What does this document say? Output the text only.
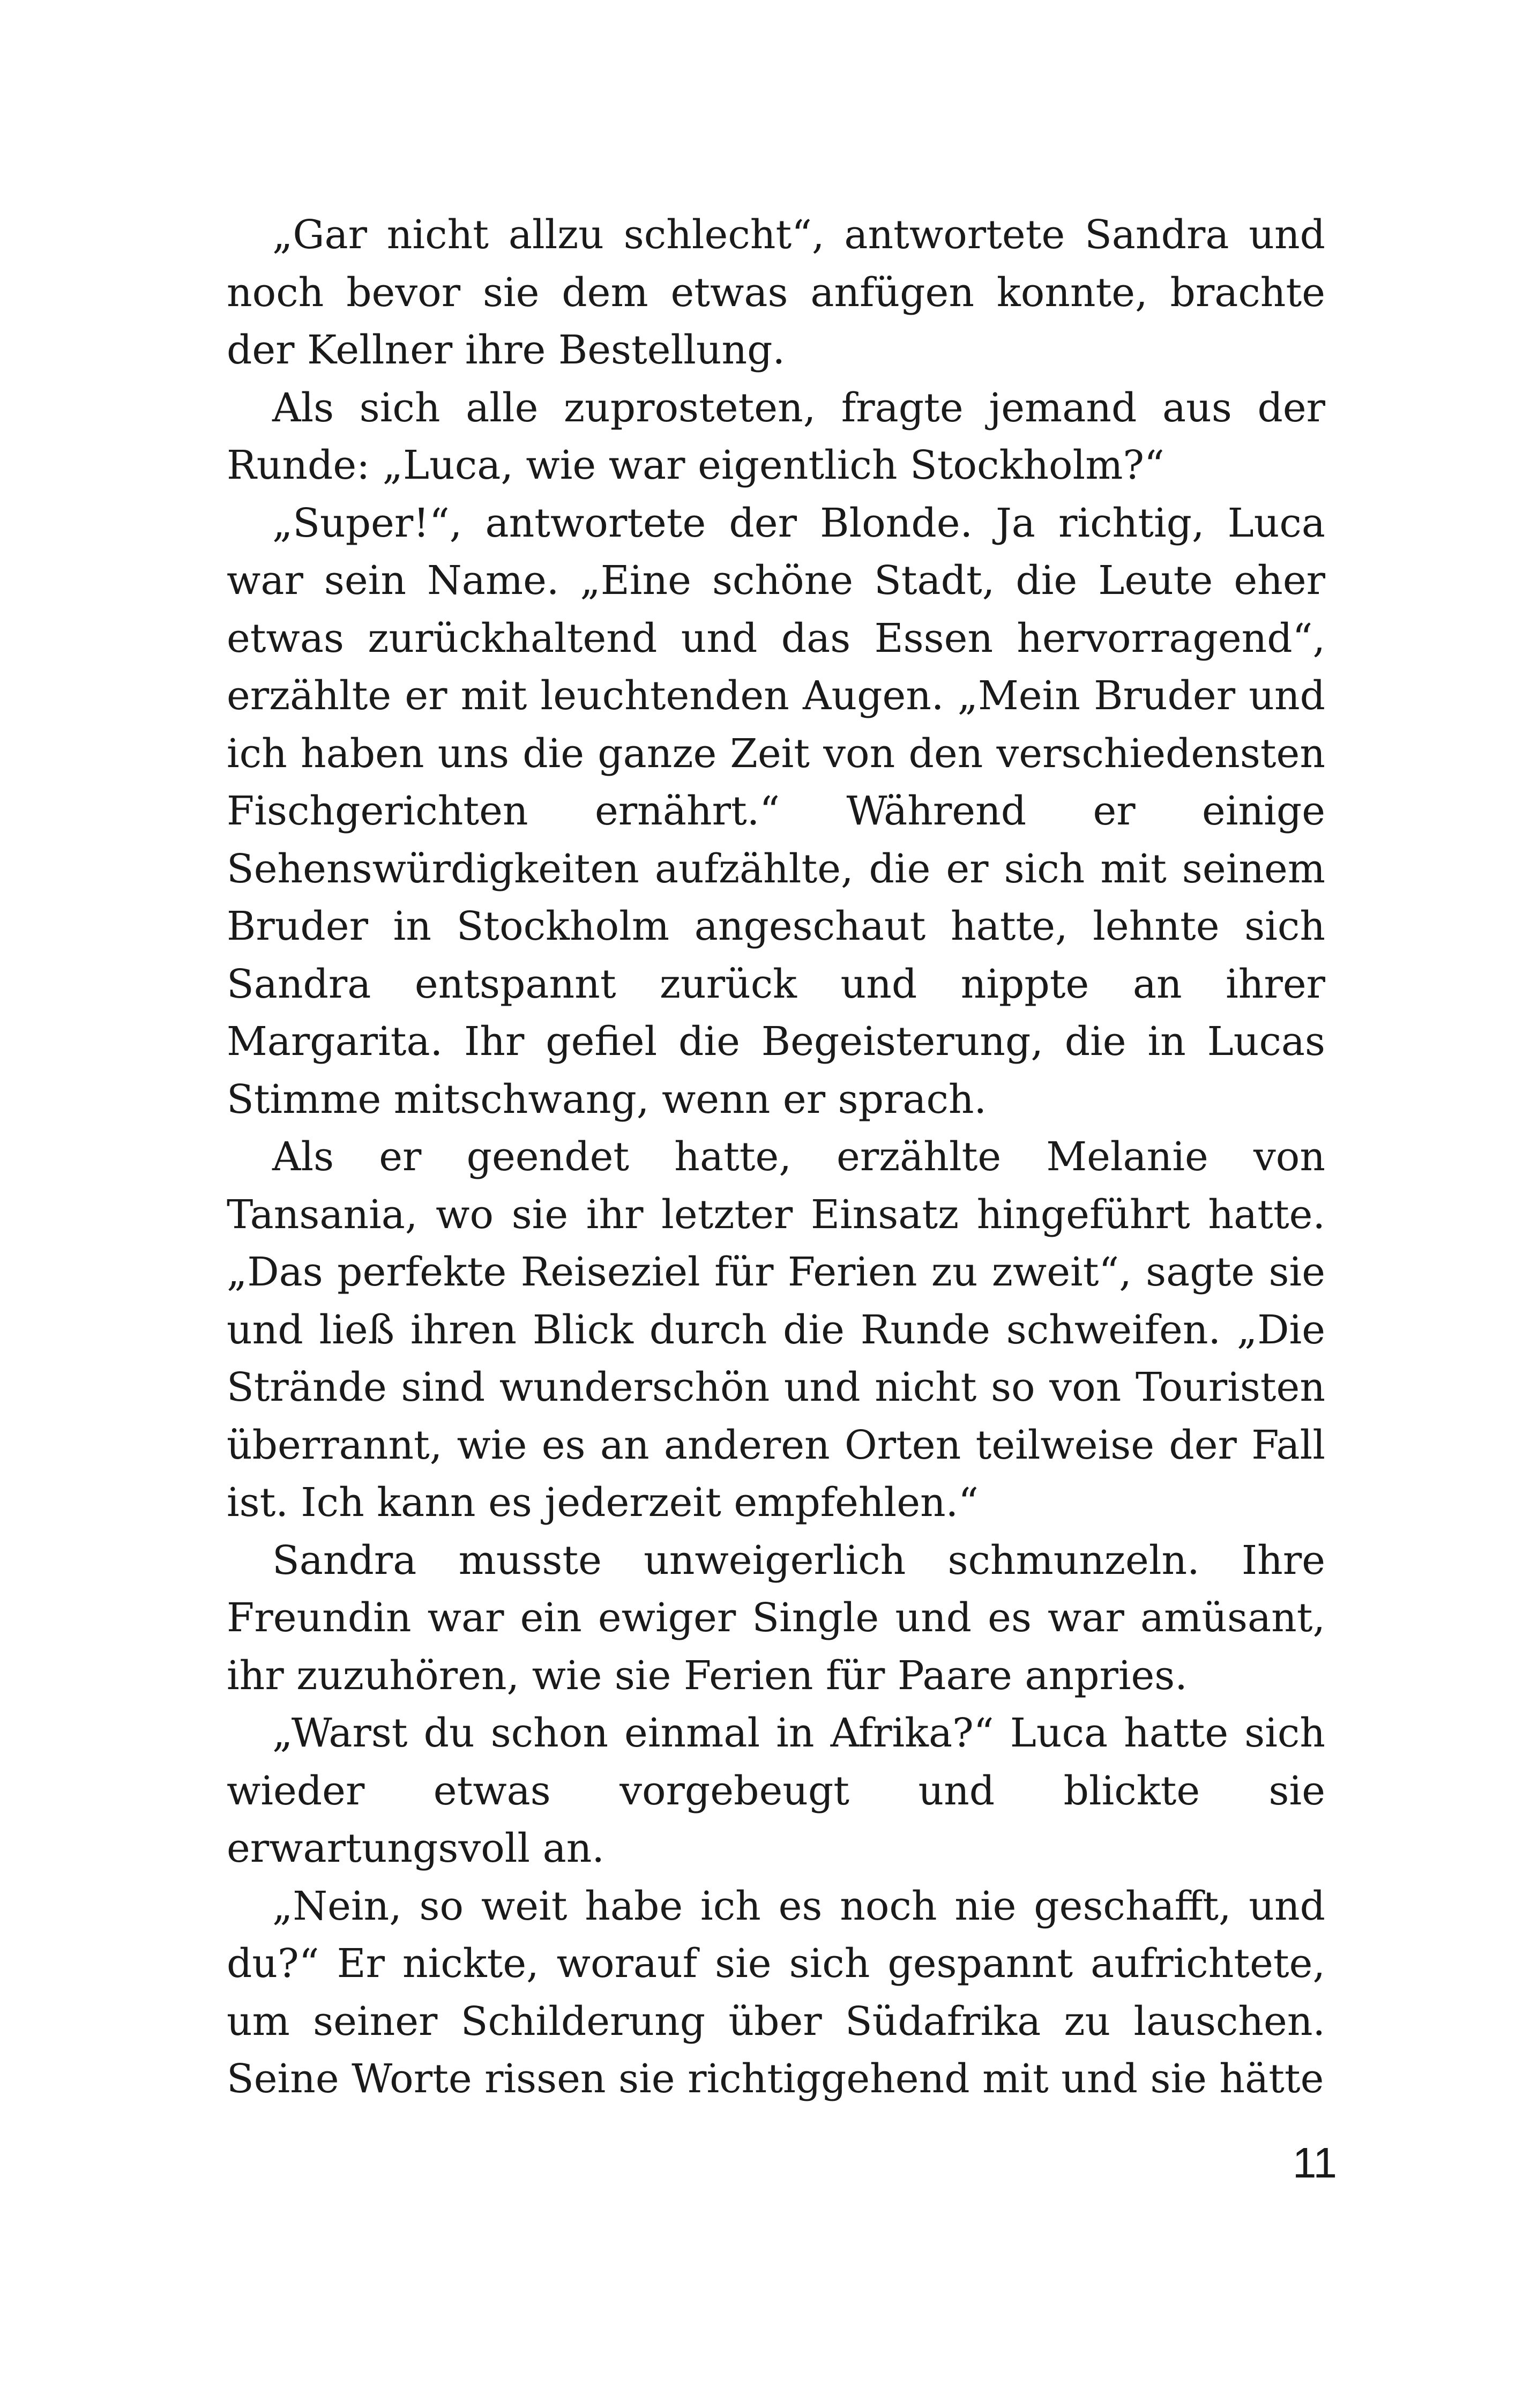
„Gar nicht allzu schlecht“, antwortete Sandra und noch bevor sie dem etwas anfügen konnte, brachte der Kellner ihre Bestellung.

Als sich alle zuprosteten, fragte jemand aus der Runde: „Luca, wie war eigentlich Stockholm?“

„Super!“, antwortete der Blonde. Ja richtig, Luca war sein Name. „Eine schöne Stadt, die Leute eher etwas zurückhaltend und das Essen hervorragend“, erzählte er mit leuchtenden Augen. „Mein Bruder und ich haben uns die ganze Zeit von den verschiedensten Fischgerichten ernährt.“ Während er einige Sehenswürdigkeiten aufzählte, die er sich mit seinem Bruder in Stockholm angeschaut hatte, lehnte sich Sandra entspannt zurück und nippte an ihrer Margarita. Ihr gefiel die Begeisterung, die in Lucas Stimme mitschwang, wenn er sprach.

Als er geendet hatte, erzählte Melanie von Tansania, wo sie ihr letzter Einsatz hingeführt hatte. „Das perfekte Reiseziel für Ferien zu zweit“, sagte sie und ließ ihren Blick durch die Runde schweifen. „Die Strände sind wunderschön und nicht so von Touristen überrannt, wie es an anderen Orten teilweise der Fall ist. Ich kann es jederzeit empfehlen.“

Sandra musste unweigerlich schmunzeln. Ihre Freundin war ein ewiger Single und es war amüsant, ihr zuzuhören, wie sie Ferien für Paare anpries.

„Warst du schon einmal in Afrika?“ Luca hatte sich wieder etwas vorgebeugt und blickte sie erwartungsvoll an.

„Nein, so weit habe ich es noch nie geschafft, und du?“ Er nickte, worauf sie sich gespannt aufrichtete, um seiner Schilderung über Südafrika zu lauschen. Seine Worte rissen sie richtiggehend mit und sie hätte

11
